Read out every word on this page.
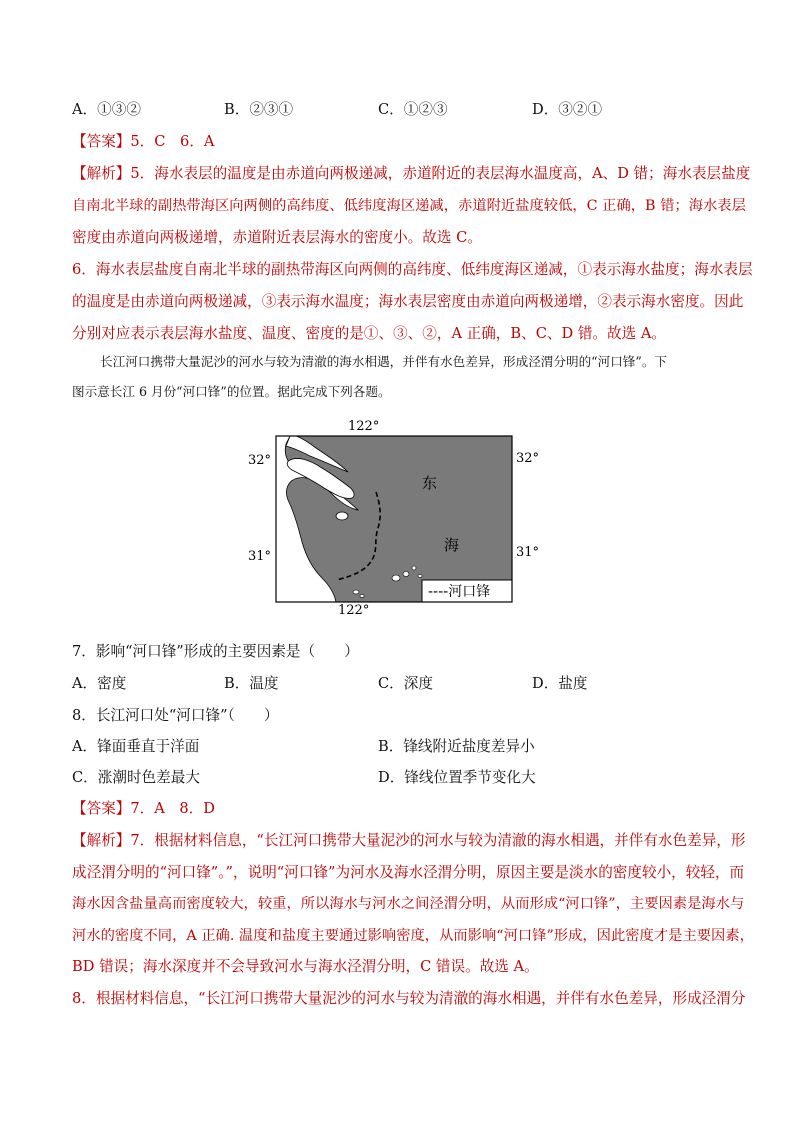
A．①③②	B．②③①	C．①②③	D．③②①
【答案】5．C　6．A
【解析】5．海水表层的温度是由赤道向两极递减，赤道附近的表层海水温度高，A、D 错；海水表层盐度
自南北半球的副热带海区向两侧的高纬度、低纬度海区递减，赤道附近盐度较低，C 正确，B 错；海水表层
密度由赤道向两极递增，赤道附近表层海水的密度小。故选 C。
6．海水表层盐度自南北半球的副热带海区向两侧的高纬度、低纬度海区递减，①表示海水盐度；海水表层
的温度是由赤道向两极递减，③表示海水温度；海水表层密度由赤道向两极递增，②表示海水密度。因此
分别对应表示表层海水盐度、温度、密度的是①、③、②，A 正确，B、C、D 错。故选 A。
长江河口携带大量泥沙的河水与较为清澈的海水相遇，并伴有水色差异，形成泾渭分明的“河口锋”。下
图示意长江 6 月份“河口锋”的位置。据此完成下列各题。
----河口锋
122°
122°
32°	32°
31°	31°
东
海
7．影响“河口锋”形成的主要因素是（　　）
A．密度	B．温度	C．深度	D．盐度
8．长江河口处“河口锋”（　　）
A．锋面垂直于洋面	B．锋线附近盐度差异小
C．涨潮时色差最大	D．锋线位置季节变化大
【答案】7．A　8．D
【解析】7．根据材料信息，“长江河口携带大量泥沙的河水与较为清澈的海水相遇，并伴有水色差异，形
成泾渭分明的“河口锋”。”，说明“河口锋”为河水及海水泾渭分明，原因主要是淡水的密度较小，较轻，而
海水因含盐量高而密度较大，较重，所以海水与河水之间泾渭分明，从而形成“河口锋”，主要因素是海水与
河水的密度不同，A 正确. 温度和盐度主要通过影响密度，从而影响“河口锋”形成，因此密度才是主要因素，
BD 错误；海水深度并不会导致河水与海水泾渭分明，C 错误。故选 A。
8．根据材料信息，“长江河口携带大量泥沙的河水与较为清澈的海水相遇，并伴有水色差异，形成泾渭分
